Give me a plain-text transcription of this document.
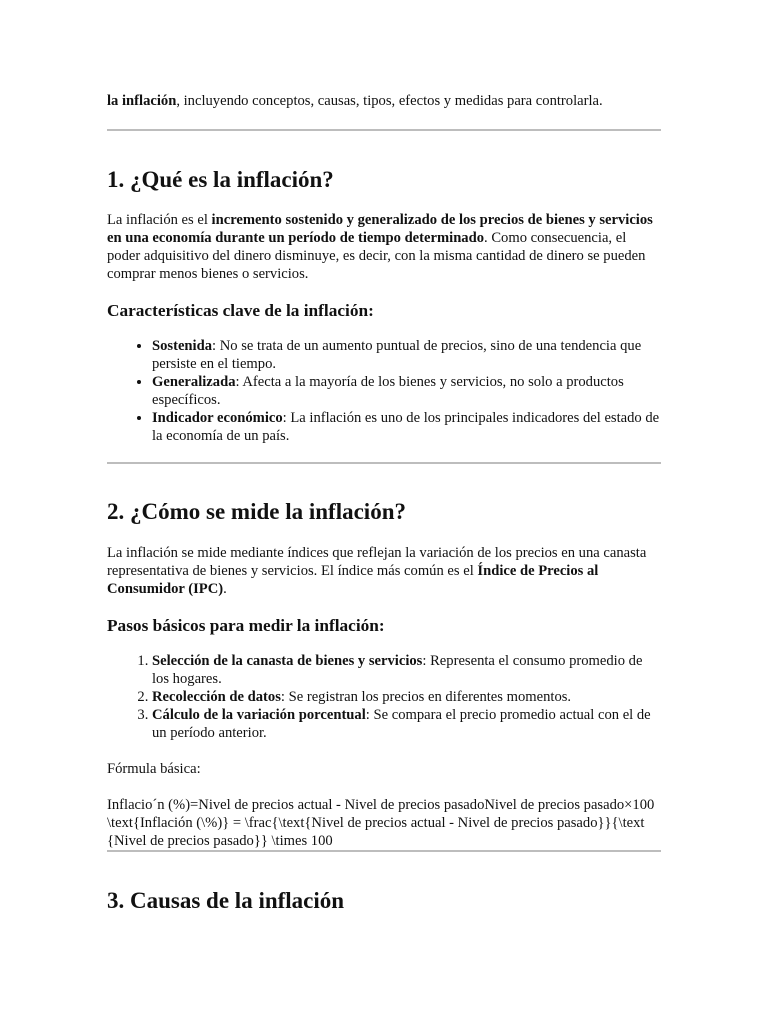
la inflación, incluyendo conceptos, causas, tipos, efectos y medidas para controlarla.

1. ¿Qué es la inflación?

La inflación es el incremento sostenido y generalizado de los precios de bienes y servicios en una economía durante un período de tiempo determinado. Como consecuencia, el poder adquisitivo del dinero disminuye, es decir, con la misma cantidad de dinero se pueden comprar menos bienes o servicios.

Características clave de la inflación:
• Sostenida: No se trata de un aumento puntual de precios, sino de una tendencia que persiste en el tiempo.
• Generalizada: Afecta a la mayoría de los bienes y servicios, no solo a productos específicos.
• Indicador económico: La inflación es uno de los principales indicadores del estado de la economía de un país.
2. ¿Cómo se mide la inflación?

La inflación se mide mediante índices que reflejan la variación de los precios en una canasta representativa de bienes y servicios. El índice más común es el Índice de Precios al Consumidor (IPC).

Pasos básicos para medir la inflación:
1. Selección de la canasta de bienes y servicios: Representa el consumo promedio de los hogares.
2. Recolección de datos: Se registran los precios en diferentes momentos.
3. Cálculo de la variación porcentual: Se compara el precio promedio actual con el de un período anterior.

Fórmula básica:

Inflacio´n (%)=Nivel de precios actual - Nivel de precios pasadoNivel de precios pasado×100\text{Inflación (\%)} = \frac{\text{Nivel de precios actual - Nivel de precios pasado}}{\text{Nivel de precios pasado}} \times 100

3. Causas de la inflación
